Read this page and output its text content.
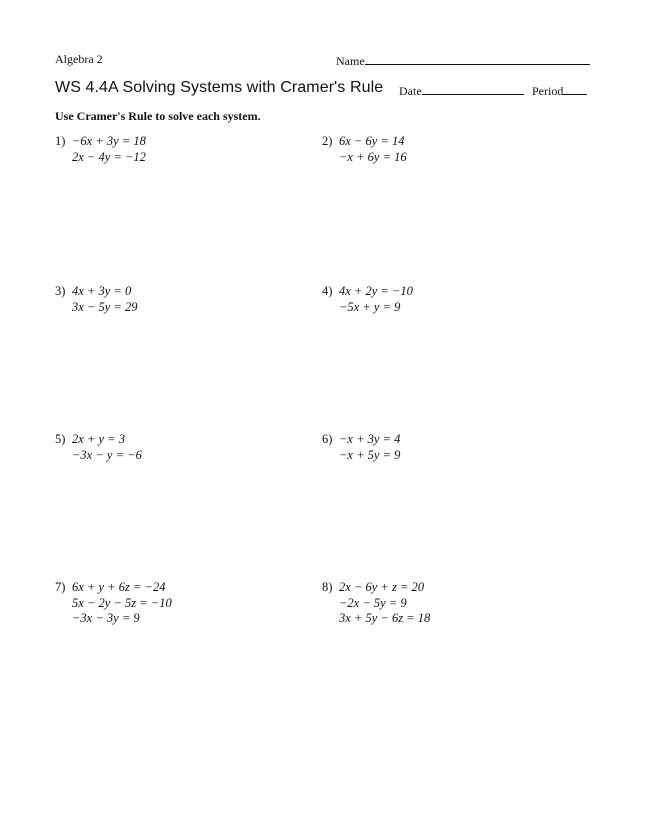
Algebra 2	Name
WS 4.4A Solving Systems with Cramer's Rule Date	Period
Use Cramer's Rule to solve each system.
1) −6x + 3y = 18
2x − 4y = −12
2) 6x − 6y = 14
−x + 6y = 16
3) 4x + 3y = 0
3x − 5y = 29
4) 4x + 2y = −10
−5x + y = 9
5) 2x + y = 3
−3x − y = −6
6) −x + 3y = 4
−x + 5y = 9
7) 6x + y + 6z = −24
5x − 2y − 5z = −10
−3x − 3y = 9
8) 2x − 6y + z = 20
−2x − 5y = 9
3x + 5y − 6z = 18
